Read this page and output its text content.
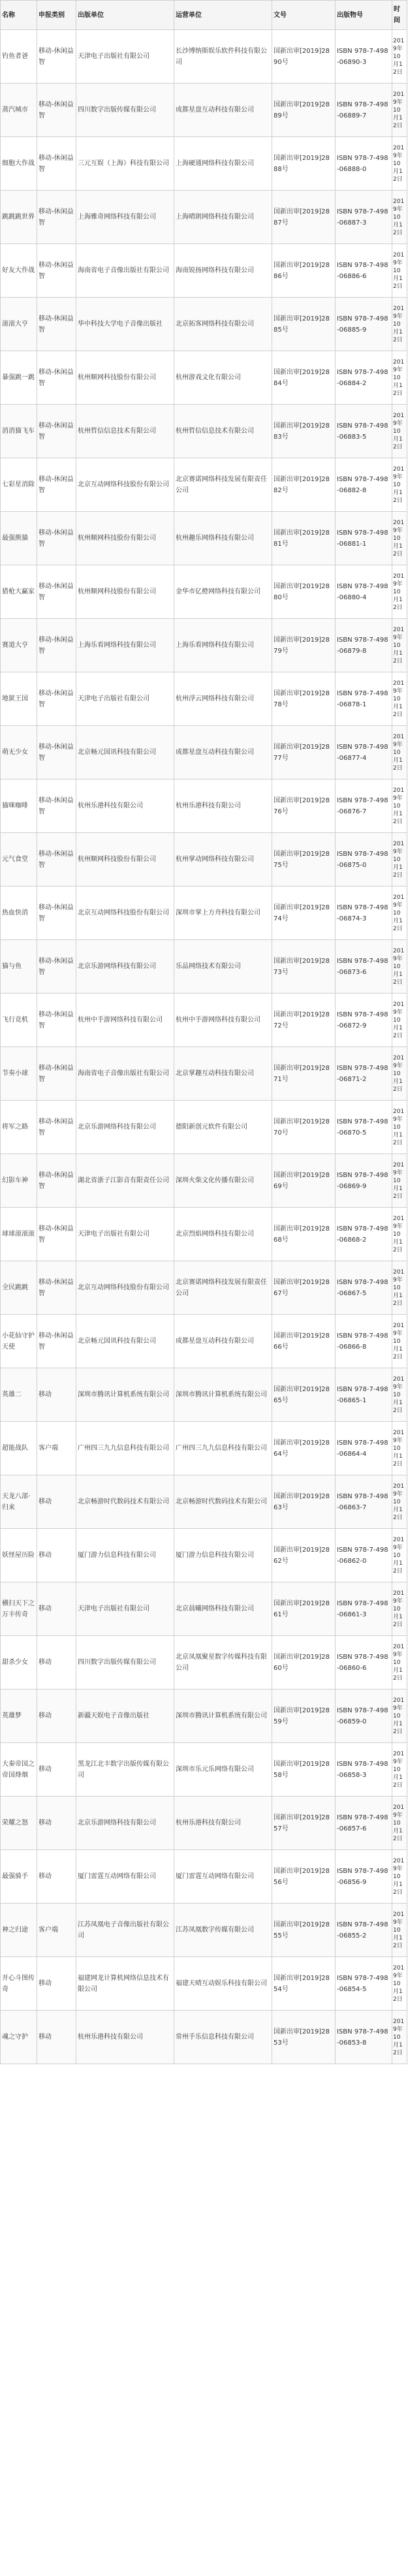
名称	申报类别	出版单位	运营单位	文号	出版物号	时间
钓鱼者爸	移动-休闲益智	天津电子出版社有限公司	长沙博纳斯娱乐软件科技有限公司	国新出审[2019]2890号	ISBN 978-7-498-06890-3	2019年10月12日
蒸汽城市	移动-休闲益智	四川数字出版传媒有限公司	成都星盘互动科技有限公司	国新出审[2019]2889号	ISBN 978-7-498-06889-7	2019年10月12日
细胞大作战	移动-休闲益智	三元互娱（上海）科技有限公司	上海硬通网络科技有限公司	国新出审[2019]2888号	ISBN 978-7-498-06888-0	2019年10月12日
跳跳跳世界	移动-休闲益智	上海雅奇网络科技有限公司	上海晴朗网络科技有限公司	国新出审[2019]2887号	ISBN 978-7-498-06887-3	2019年10月12日
好友大作战	移动-休闲益智	海南省电子音像出版社有限公司	海南锐扬网络科技有限公司	国新出审[2019]2886号	ISBN 978-7-498-06886-6	2019年10月12日
滚滚大亨	移动-休闲益智	华中科技大学电子音像出版社	北京拓客网络科技有限公司	国新出审[2019]2885号	ISBN 978-7-498-06885-9	2019年10月12日
暴强跳一跳	移动-休闲益智	杭州顺网科技股份有限公司	杭州游戏文化有限公司	国新出审[2019]2884号	ISBN 978-7-498-06884-2	2019年10月12日
消消猫飞车	移动-休闲益智	杭州哲信信息技术有限公司	杭州哲信信息技术有限公司	国新出审[2019]2883号	ISBN 978-7-498-06883-5	2019年10月12日
七彩星消除	移动-休闲益智	北京互动网络科技股份有限公司	北京赛诺网络科技发展有限责任公司	国新出审[2019]2882号	ISBN 978-7-498-06882-8	2019年10月12日
最强熊猫	移动-休闲益智	杭州顺网科技股份有限公司	杭州趣乐网络科技有限公司	国新出审[2019]2881号	ISBN 978-7-498-06881-1	2019年10月12日
猎枪大赢家	移动-休闲益智	杭州顺网科技股份有限公司	金华市亿橙网络科技有限公司	国新出审[2019]2880号	ISBN 978-7-498-06880-4	2019年10月12日
赛道大亨	移动-休闲益智	上海乐看网络科技有限公司	上海乐看网络科技有限公司	国新出审[2019]2879号	ISBN 978-7-498-06879-8	2019年10月12日
地狱王国	移动-休闲益智	天津电子出版社有限公司	杭州浮云网络科技有限公司	国新出审[2019]2878号	ISBN 978-7-498-06878-1	2019年10月12日
萌无少女	移动-休闲益智	北京畅元国讯科技有限公司	成都星盘互动科技有限公司	国新出审[2019]2877号	ISBN 978-7-498-06877-4	2019年10月12日
猫咪咖啡	移动-休闲益智	杭州乐港科技有限公司	杭州乐港科技有限公司	国新出审[2019]2876号	ISBN 978-7-498-06876-7	2019年10月12日
元气食堂	移动-休闲益智	杭州顺网科技股份有限公司	杭州掌动网络科技有限公司	国新出审[2019]2875号	ISBN 978-7-498-06875-0	2019年10月12日
热血快消	移动-休闲益智	北京互动网络科技股份有限公司	深圳市掌上方舟科技有限公司	国新出审[2019]2874号	ISBN 978-7-498-06874-3	2019年10月12日
猫与鱼	移动-休闲益智	北京乐游网络科技有限公司	乐品网络技术有限公司	国新出审[2019]2873号	ISBN 978-7-498-06873-6	2019年10月12日
飞行竞机	移动-休闲益智	杭州中手游网络科技有限公司	杭州中手游网络科技有限公司	国新出审[2019]2872号	ISBN 978-7-498-06872-9	2019年10月12日
节奏小球	移动-休闲益智	海南省电子音像出版社有限公司	北京掌趣互动科技有限公司	国新出审[2019]2871号	ISBN 978-7-498-06871-2	2019年10月12日
将军之路	移动-休闲益智	北京乐游网络科技有限公司	德阳新创元软件有限公司	国新出审[2019]2870号	ISBN 978-7-498-06870-5	2019年10月12日
幻影车神	移动-休闲益智	湖北省浙子江影音有限责任公司	深圳火柴文化传播有限公司	国新出审[2019]2869号	ISBN 978-7-498-06869-9	2019年10月12日
球球滚滚滚	移动-休闲益智	天津电子出版社有限公司	北京烈焰网络科技有限公司	国新出审[2019]2868号	ISBN 978-7-498-06868-2	2019年10月12日
全民跳跳	移动-休闲益智	北京互动网络科技股份有限公司	北京赛诺网络科技发展有限责任公司	国新出审[2019]2867号	ISBN 978-7-498-06867-5	2019年10月12日
小花仙守护天使	移动-休闲益智	北京畅元国讯科技有限公司	成都星盘互动科技有限公司	国新出审[2019]2866号	ISBN 978-7-498-06866-8	2019年10月12日
英雄二	移动	深圳市腾讯计算机系统有限公司	深圳市腾讯计算机系统有限公司	国新出审[2019]2865号	ISBN 978-7-498-06865-1	2019年10月12日
超能战队	客户端	广州四三九九信息科技有限公司	广州四三九九信息科技有限公司	国新出审[2019]2864号	ISBN 978-7-498-06864-4	2019年10月12日
天龙八部·归来	移动	北京畅游时代数码技术有限公司	北京畅游时代数码技术有限公司	国新出审[2019]2863号	ISBN 978-7-498-06863-7	2019年10月12日
妖怪屋历险	移动	厦门游力信息科技有限公司	厦门游力信息科技有限公司	国新出审[2019]2862号	ISBN 978-7-498-06862-0	2019年10月12日
横扫天下之万丰传奇	移动	天津电子出版社有限公司	北京晨曦网络科技有限公司	国新出审[2019]2861号	ISBN 978-7-498-06861-3	2019年10月12日
甜杀少女	移动	四川数字出版传媒有限公司	北京凤凰聚星数字传媒科技有限公司	国新出审[2019]2860号	ISBN 978-7-498-06860-6	2019年10月12日
英雄梦	移动	新疆天娱电子音像出版社	深圳市腾讯计算机系统有限公司	国新出审[2019]2859号	ISBN 978-7-498-06859-0	2019年10月12日
大秦帝国之帝国烽烟	移动	黑龙江北丰数字出版传媒有限公司	深圳市乐元乐网络有限公司	国新出审[2019]2858号	ISBN 978-7-498-06858-3	2019年10月12日
荣耀之怒	移动	北京乐游网络科技有限公司	杭州乐港科技有限公司	国新出审[2019]2857号	ISBN 978-7-498-06857-6	2019年10月12日
最强骑手	移动	厦门雷霆互动网络有限公司	厦门雷霆互动网络有限公司	国新出审[2019]2856号	ISBN 978-7-498-06856-9	2019年10月12日
神之归途	客户端	江苏凤凰电子音像出版社有限公司	江苏凤凰数字传媒有限公司	国新出审[2019]2855号	ISBN 978-7-498-06855-2	2019年10月12日
开心斗图传奇	移动	福建网龙计算机网络信息技术有限公司	福建天晴互动娱乐科技有限公司	国新出审[2019]2854号	ISBN 978-7-498-06854-5	2019年10月12日
魂之守护	移动	杭州乐港科技有限公司	常州手乐信息科技有限公司	国新出审[2019]2853号	ISBN 978-7-498-06853-8	2019年10月12日
